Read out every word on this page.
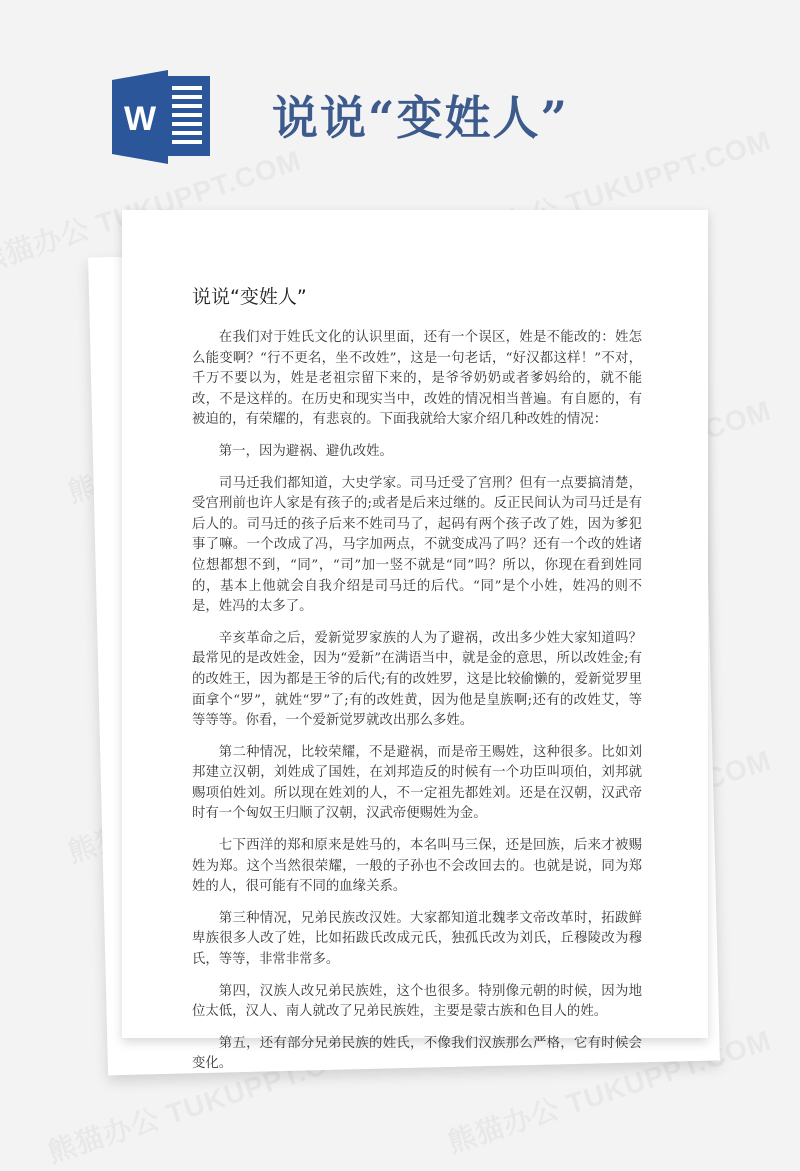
W	说说“变姓人”
说说“变姓人”

在我们对于姓氏文化的认识里面，还有一个误区，姓是不能改的：姓怎么能变啊？“行不更名，坐不改姓”，这是一句老话，“好汉都这样！”不对，千万不要以为，姓是老祖宗留下来的，是爷爷奶奶或者爹妈给的，就不能改，不是这样的。在历史和现实当中，改姓的情况相当普遍。有自愿的，有被迫的，有荣耀的，有悲哀的。下面我就给大家介绍几种改姓的情况：

第一，因为避祸、避仇改姓。

司马迁我们都知道，大史学家。司马迁受了宫刑？但有一点要搞清楚，受宫刑前也许人家是有孩子的;或者是后来过继的。反正民间认为司马迁是有后人的。司马迁的孩子后来不姓司马了，起码有两个孩子改了姓，因为爹犯事了嘛。一个改成了冯，马字加两点，不就变成冯了吗？还有一个改的姓诸位想都想不到，“同”，“司”加一竖不就是“同”吗？所以，你现在看到姓同的，基本上他就会自我介绍是司马迁的后代。“同”是个小姓，姓冯的则不是，姓冯的太多了。

辛亥革命之后，爱新觉罗家族的人为了避祸，改出多少姓大家知道吗？最常见的是改姓金，因为“爱新”在满语当中，就是金的意思，所以改姓金;有的改姓王，因为都是王爷的后代;有的改姓罗，这是比较偷懒的，爱新觉罗里面拿个“罗”，就姓“罗”了;有的改姓黄，因为他是皇族啊;还有的改姓艾，等等等等。你看，一个爱新觉罗就改出那么多姓。

第二种情况，比较荣耀，不是避祸，而是帝王赐姓，这种很多。比如刘邦建立汉朝，刘姓成了国姓，在刘邦造反的时候有一个功臣叫项伯，刘邦就赐项伯姓刘。所以现在姓刘的人，不一定祖先都姓刘。还是在汉朝，汉武帝时有一个匈奴王归顺了汉朝，汉武帝便赐姓为金。

七下西洋的郑和原来是姓马的，本名叫马三保，还是回族，后来才被赐姓为郑。这个当然很荣耀，一般的子孙也不会改回去的。也就是说，同为郑姓的人，很可能有不同的血缘关系。

第三种情况，兄弟民族改汉姓。大家都知道北魏孝文帝改革时，拓跋鲜卑族很多人改了姓，比如拓跋氏改成元氏，独孤氏改为刘氏，丘穆陵改为穆氏，等等，非常非常多。

第四，汉族人改兄弟民族姓，这个也很多。特别像元朝的时候，因为地位太低，汉人、南人就改了兄弟民族姓，主要是蒙古族和色目人的姓。

第五，还有部分兄弟民族的姓氏，不像我们汉族那么严格，它有时候会变化。
